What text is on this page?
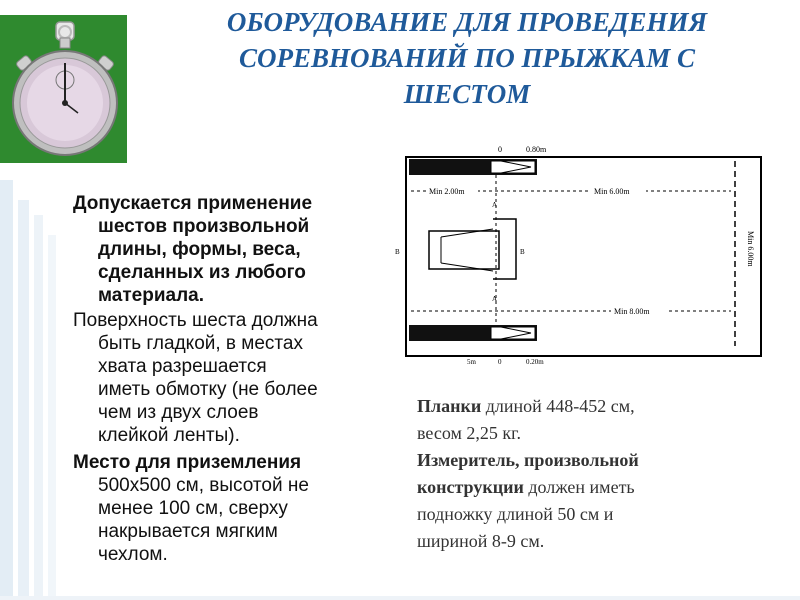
ОБОРУДОВАНИЕ ДЛЯ ПРОВЕДЕНИЯ
СОРЕВНОВАНИЙ ПО ПРЫЖКАМ С
ШЕСТОМ
Допускается применение
шестов произвольной
длины, формы, веса,
сделанных из любого
материала.
Поверхность шеста должна
быть гладкой, в местах
хвата разрешается
иметь обмотку (не более
чем из двух слоев
клейкой ленты).
Место для приземления
500х500 см, высотой не
менее 100 см, сверху
накрывается мягким
чехлом.
0	0.80m
Min 2.00m	Min 6.00m
A
A
B	B	Min 6.00m
Min 8.00m
5m	0	0.20m
Планки длиной 448-452 см,
весом 2,25 кг.
Измеритель, произвольной
конструкции должен иметь
подножку длиной 50 см и
шириной 8-9 см.
